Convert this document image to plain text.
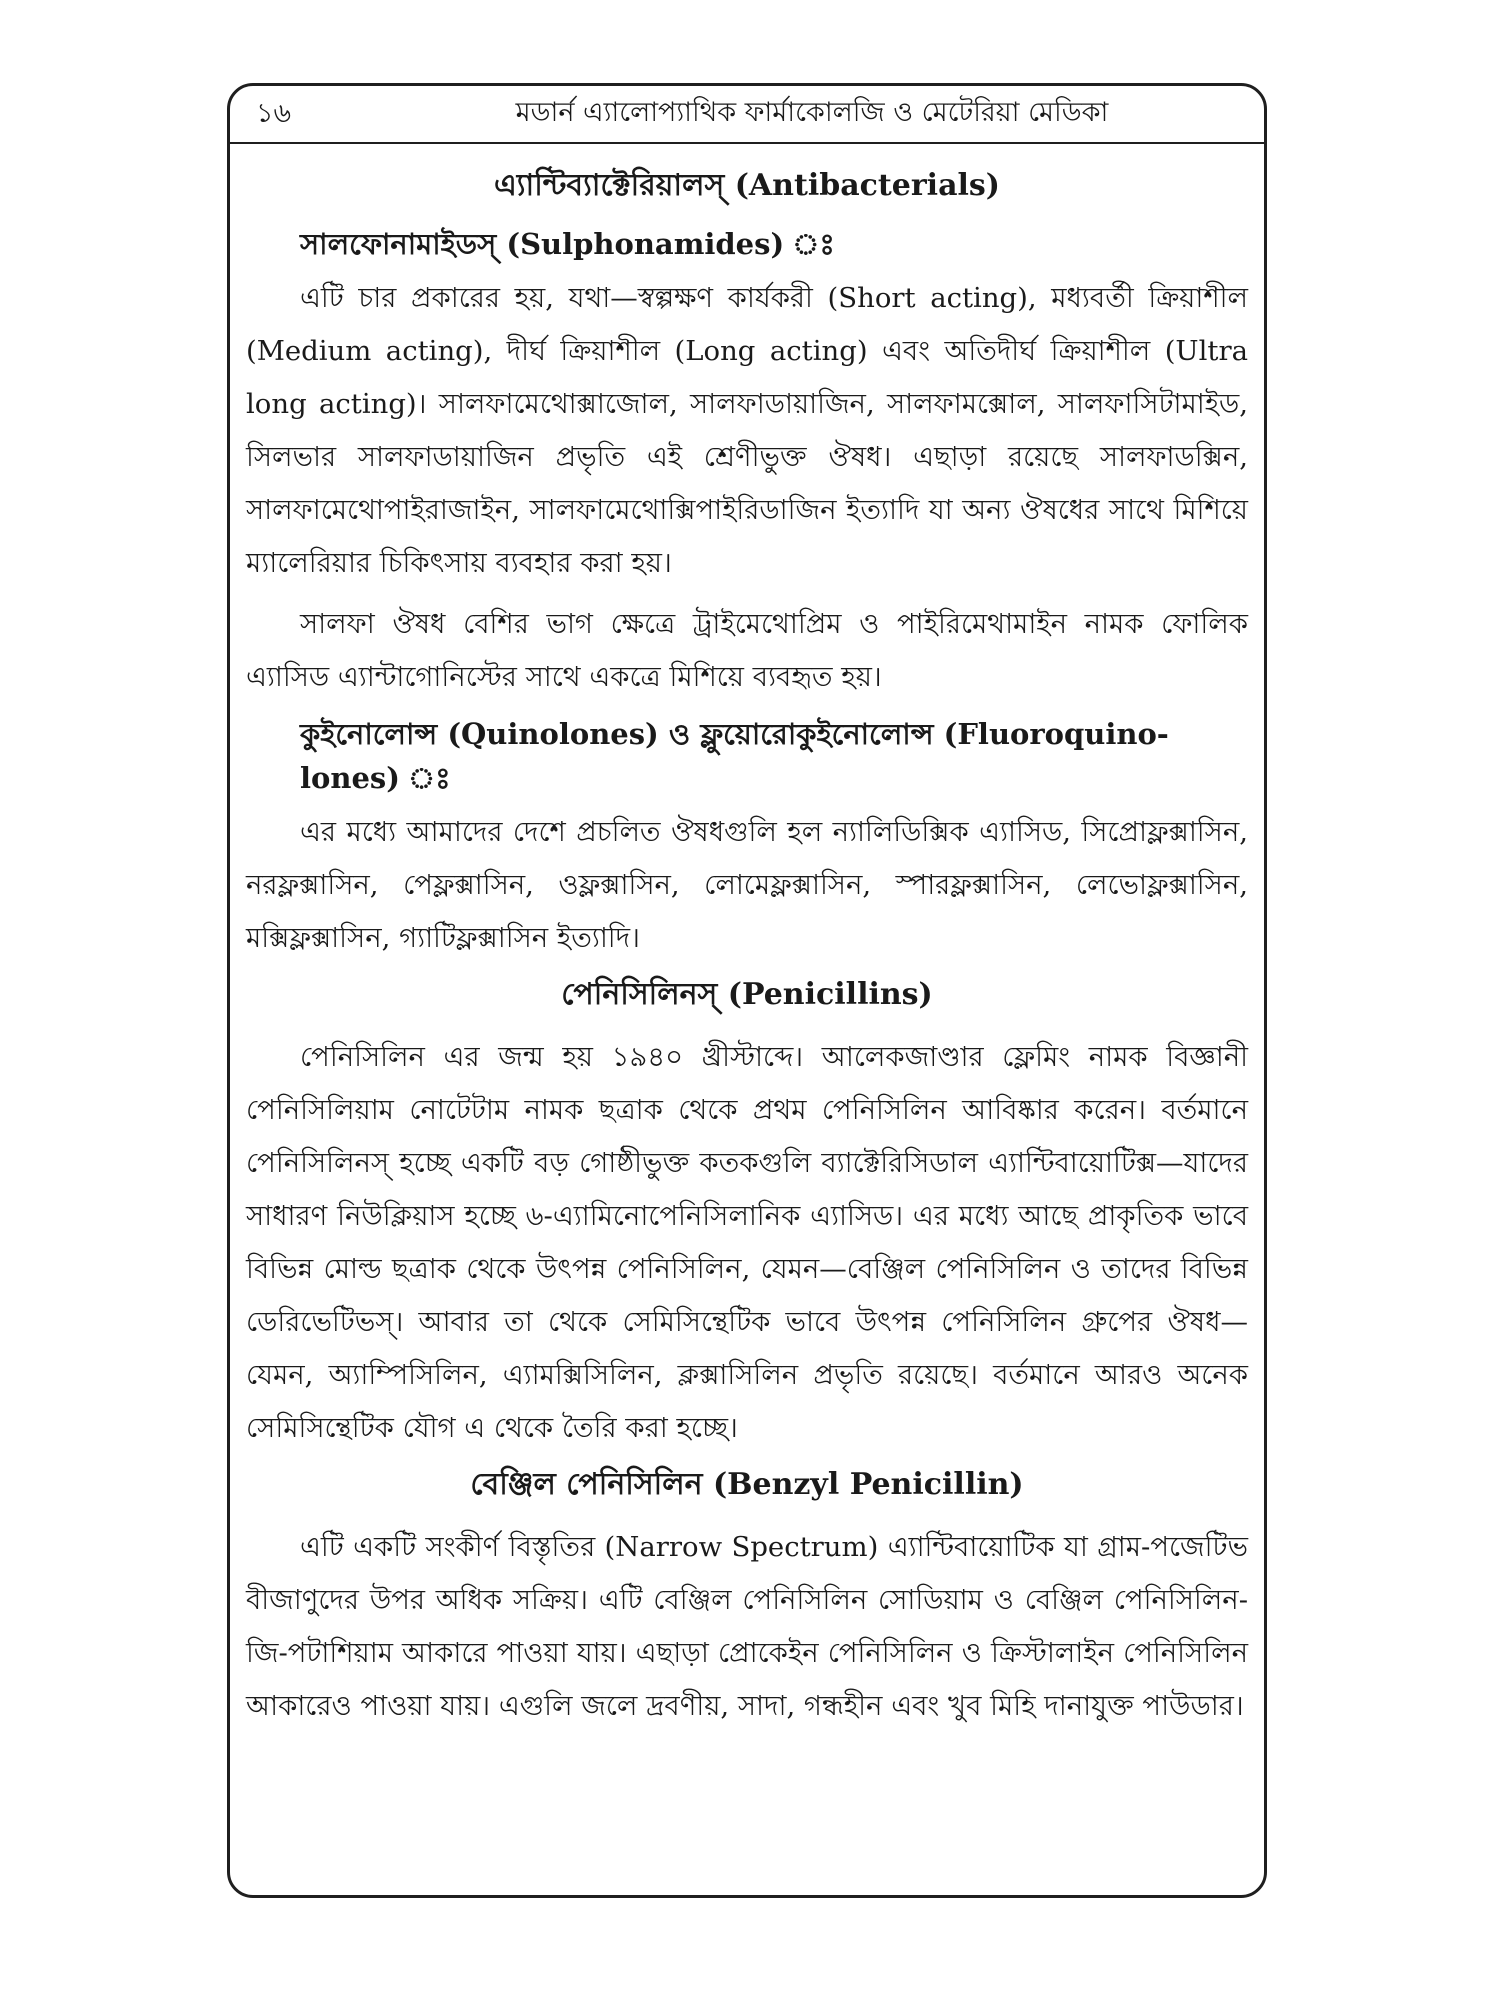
১৬	মডার্ন এ্যালোপ্যাথিক ফার্মাকোলজি ও মেটেরিয়া মেডিকা
এ্যান্টিব্যাক্টেরিয়ালস্ (Antibacterials)
সালফোনামাইডস্ (Sulphonamides) ঃ

এটি চার প্রকারের হয়, যথা—স্বল্পক্ষণ কার্যকরী (Short acting), মধ্যবর্তী ক্রিয়াশীল (Medium acting), দীর্ঘ ক্রিয়াশীল (Long acting) এবং অতিদীর্ঘ ক্রিয়াশীল (Ultra long acting)। সালফামেথোক্সাজোল, সালফাডায়াজিন, সালফামক্সোল, সালফাসিটামাইড, সিলভার সালফাডায়াজিন প্রভৃতি এই শ্রেণীভুক্ত ঔষধ। এছাড়া রয়েছে সালফাডক্সিন, সালফামেথোপাইরাজাইন, সালফামেথোক্সিপাইরিডাজিন ইত্যাদি যা অন্য ঔষধের সাথে মিশিয়ে ম্যালেরিয়ার চিকিৎসায় ব্যবহার করা হয়।

সালফা ঔষধ বেশির ভাগ ক্ষেত্রে ট্রাইমেথোপ্রিম ও পাইরিমেথামাইন নামক ফোলিক এ্যাসিড এ্যান্টাগোনিস্টের সাথে একত্রে মিশিয়ে ব্যবহৃত হয়।

কুইনোলোন্স (Quinolones) ও ফ্লুয়োরোকুইনোলোন্স (Fluoroquino-lones) ঃ

এর মধ্যে আমাদের দেশে প্রচলিত ঔষধগুলি হল ন্যালিডিক্সিক এ্যাসিড, সিপ্রোফ্লক্সাসিন, নরফ্লক্সাসিন, পেফ্লক্সাসিন, ওফ্লক্সাসিন, লোমেফ্লক্সাসিন, স্পারফ্লক্সাসিন, লেভোফ্লক্সাসিন, মক্সিফ্লক্সাসিন, গ্যাটিফ্লক্সাসিন ইত্যাদি।

পেনিসিলিনস্ (Penicillins)

পেনিসিলিন এর জন্ম হয় ১৯৪০ খ্রীস্টাব্দে। আলেকজাণ্ডার ফ্লেমিং নামক বিজ্ঞানী পেনিসিলিয়াম নোটেটাম নামক ছত্রাক থেকে প্রথম পেনিসিলিন আবিষ্কার করেন। বর্তমানে পেনিসিলিনস্ হচ্ছে একটি বড় গোষ্ঠীভুক্ত কতকগুলি ব্যাক্টেরিসিডাল এ্যান্টিবায়োটিক্স—যাদের সাধারণ নিউক্লিয়াস হচ্ছে ৬-এ্যামিনোপেনিসিলানিক এ্যাসিড। এর মধ্যে আছে প্রাকৃতিক ভাবে বিভিন্ন মোল্ড ছত্রাক থেকে উৎপন্ন পেনিসিলিন, যেমন—বেঞ্জিল পেনিসিলিন ও তাদের বিভিন্ন ডেরিভেটিভস্। আবার তা থেকে সেমিসিন্থেটিক ভাবে উৎপন্ন পেনিসিলিন গ্রুপের ঔষধ—যেমন, অ্যাম্পিসিলিন, এ্যামক্সিসিলিন, ক্লক্সাসিলিন প্রভৃতি রয়েছে। বর্তমানে আরও অনেক সেমিসিন্থেটিক যৌগ এ থেকে তৈরি করা হচ্ছে।

বেঞ্জিল পেনিসিলিন (Benzyl Penicillin)

এটি একটি সংকীর্ণ বিস্তৃতির (Narrow Spectrum) এ্যান্টিবায়োটিক যা গ্রাম-পজেটিভ বীজাণুদের উপর অধিক সক্রিয়। এটি বেঞ্জিল পেনিসিলিন সোডিয়াম ও বেঞ্জিল পেনিসিলিন-জি-পটাশিয়াম আকারে পাওয়া যায়। এছাড়া প্রোকেইন পেনিসিলিন ও ক্রিস্টালাইন পেনিসিলিন আকারেও পাওয়া যায়। এগুলি জলে দ্রবণীয়, সাদা, গন্ধহীন এবং খুব মিহি দানাযুক্ত পাউডার।
